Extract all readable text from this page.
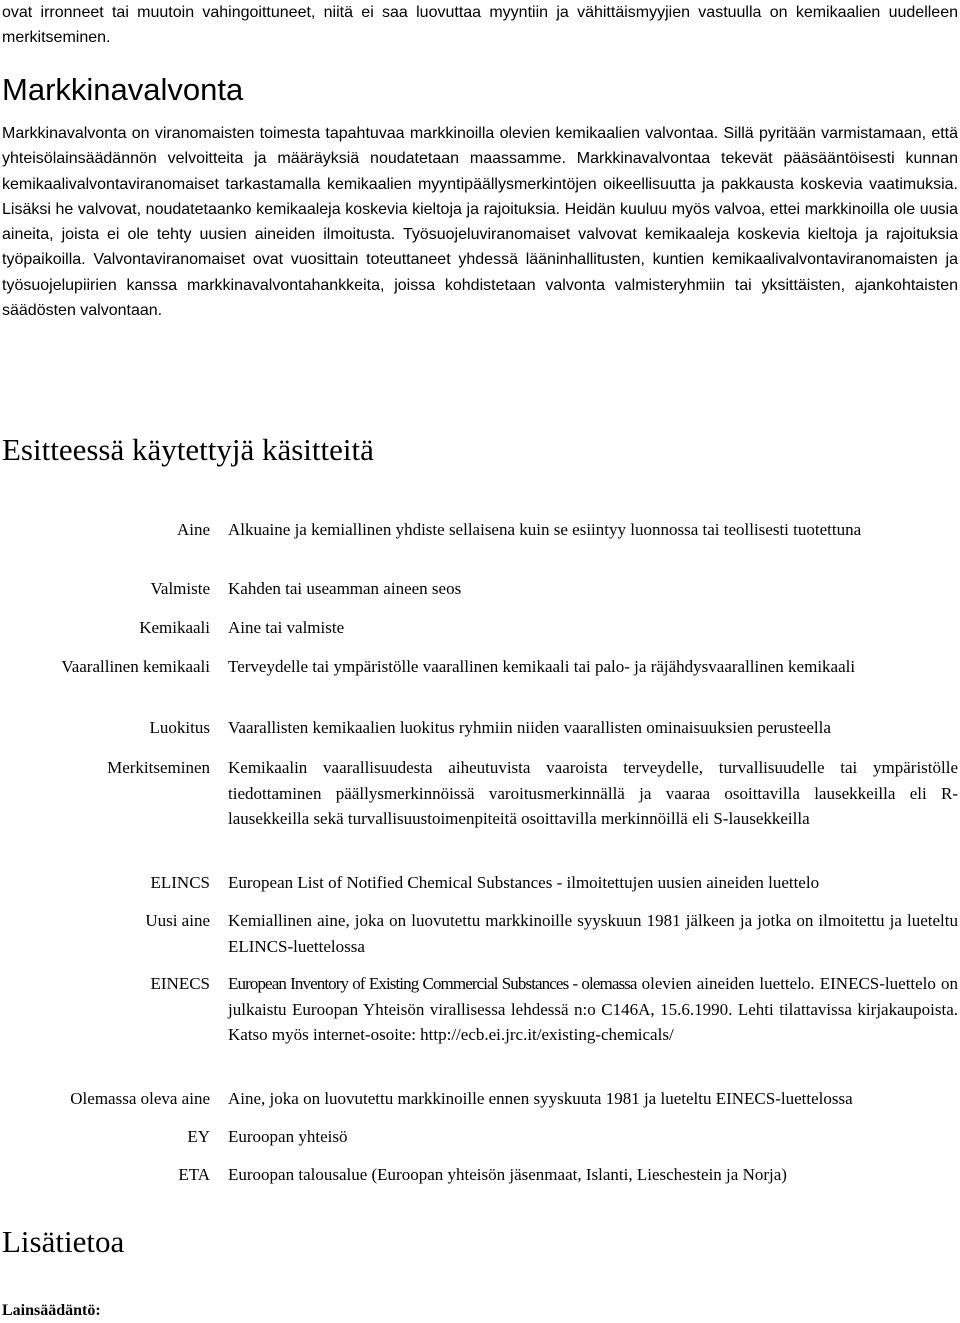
ovat irronneet tai muutoin vahingoittuneet, niitä ei saa luovuttaa myyntiin ja vähittäismyyjien vastuulla on kemikaalien uudelleen merkitseminen.

Markkinavalvonta

Markkinavalvonta on viranomaisten toimesta tapahtuvaa markkinoilla olevien kemikaalien valvontaa. Sillä pyritään varmistamaan, että yhteisölainsäädännön velvoitteita ja määräyksiä noudatetaan maassamme. Markkinavalvontaa tekevät pääsääntöisesti kunnan kemikaalivalvontaviranomaiset tarkastamalla kemikaalien myyntipäällysmerkintöjen oikeellisuutta ja pakkausta koskevia vaatimuksia. Lisäksi he valvovat, noudatetaanko kemikaaleja koskevia kieltoja ja rajoituksia. Heidän kuuluu myös valvoa, ettei markkinoilla ole uusia aineita, joista ei ole tehty uusien aineiden ilmoitusta. Työsuojeluviranomaiset valvovat kemikaaleja koskevia kieltoja ja rajoituksia työpaikoilla. Valvontaviranomaiset ovat vuosittain toteuttaneet yhdessä lääninhallitusten, kuntien kemikaalivalvontaviranomaisten ja työsuojelupiirien kanssa markkinavalvontahankkeita, joissa kohdistetaan valvonta valmisteryhmiin tai yksittäisten, ajankohtaisten säädösten valvontaan.

Esitteessä käytettyjä käsitteitä
Aine Alkuaine ja kemiallinen yhdiste sellaisena kuin se esiintyy luonnossa tai teollisesti tuotettuna
Valmiste Kahden tai useamman aineen seos
Kemikaali Aine tai valmiste
Vaarallinen kemikaali Terveydelle tai ympäristölle vaarallinen kemikaali tai palo- ja räjähdysvaarallinen kemikaali
Luokitus Vaarallisten kemikaalien luokitus ryhmiin niiden vaarallisten ominaisuuksien perusteella
Merkitseminen Kemikaalin vaarallisuudesta aiheutuvista vaaroista terveydelle, turvallisuudelle tai ympäristölle tiedottaminen päällysmerkinnöissä varoitusmerkinnällä ja vaaraa osoittavilla lausekkeilla eli R-lausekkeilla sekä turvallisuustoimenpiteitä osoittavilla merkinnöillä eli S-lausekkeilla
ELINCS European List of Notified Chemical Substances - ilmoitettujen uusien aineiden luettelo
Uusi aine Kemiallinen aine, joka on luovutettu markkinoille syyskuun 1981 jälkeen ja jotka on ilmoitettu ja lueteltu ELINCS-luettelossa
EINECS European Inventory of Existing Commercial Substances - olemassa olevien aineiden luettelo. EINECS-luettelo on julkaistu Euroopan Yhteisön virallisessa lehdessä n:o C146A, 15.6.1990. Lehti tilattavissa kirjakaupoista. Katso myös internet-osoite: http://ecb.ei.jrc.it/existing-chemicals/
Olemassa oleva aine Aine, joka on luovutettu markkinoille ennen syyskuuta 1981 ja lueteltu EINECS-luettelossa
EY Euroopan yhteisö
ETA Euroopan talousalue (Euroopan yhteisön jäsenmaat, Islanti, Lieschestein ja Norja)
Lisätietoa

Lainsäädäntö:
